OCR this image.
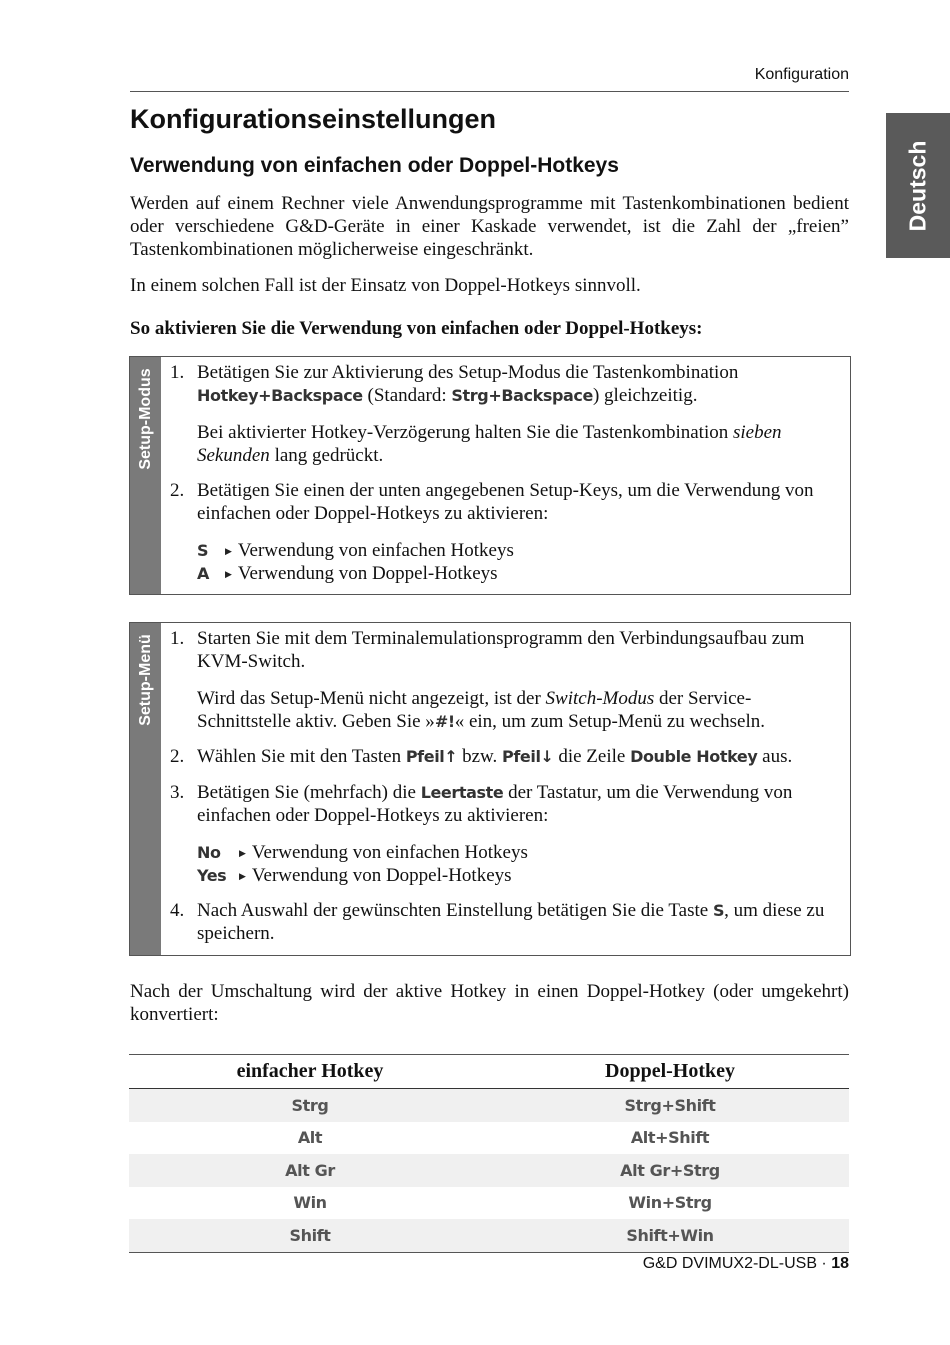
Konfiguration
Deutsch
Konfigurationseinstellungen
Verwendung von einfachen oder Doppel-Hotkeys

Werden auf einem Rechner viele Anwendungsprogramme mit Tastenkombinationen bedient oder verschiedene G&D-Geräte in einer Kaskade verwendet, ist die Zahl der „freien” Tastenkombinationen möglicherweise eingeschränkt.

In einem solchen Fall ist der Einsatz von Doppel-Hotkeys sinnvoll.

So aktivieren Sie die Verwendung von einfachen oder Doppel-Hotkeys:

Setup-Modus 1. Betätigen Sie zur Aktivierung des Setup-Modus die Tastenkombination Hotkey+Backspace (Standard: Strg+Backspace) gleichzeitig.

Bei aktivierter Hotkey-Verzögerung halten Sie die Tastenkombination sieben Sekunden lang gedrückt.

2. Betätigen Sie einen der unten angegebenen Setup-Keys, um die Verwendung von einfachen oder Doppel-Hotkeys zu aktivieren:

S ▶ Verwendung von einfachen Hotkeys
A ▶ Verwendung von Doppel-Hotkeys
Setup-Menü 1. Starten Sie mit dem Terminalemulationsprogramm den Verbindungsaufbau zum KVM-Switch.

Wird das Setup-Menü nicht angezeigt, ist der Switch-Modus der Service-Schnittstelle aktiv. Geben Sie »#!« ein, um zum Setup-Menü zu wechseln.

2. Wählen Sie mit den Tasten Pfeil↑ bzw. Pfeil↓ die Zeile Double Hotkey aus.

3. Betätigen Sie (mehrfach) die Leertaste der Tastatur, um die Verwendung von einfachen oder Doppel-Hotkeys zu aktivieren:

No ▶ Verwendung von einfachen Hotkeys
Yes ▶ Verwendung von Doppel-Hotkeys
4. Nach Auswahl der gewünschten Einstellung betätigen Sie die Taste S, um diese zu speichern.

Nach der Umschaltung wird der aktive Hotkey in einen Doppel-Hotkey (oder umgekehrt) konvertiert:

einfacher Hotkey	Doppel-Hotkey
Strg	Strg+Shift
Alt	Alt+Shift
Alt Gr	Alt Gr+Strg
Win	Win+Strg
Shift	Shift+Win
G&D DVIMUX2-DL-USB · 18
